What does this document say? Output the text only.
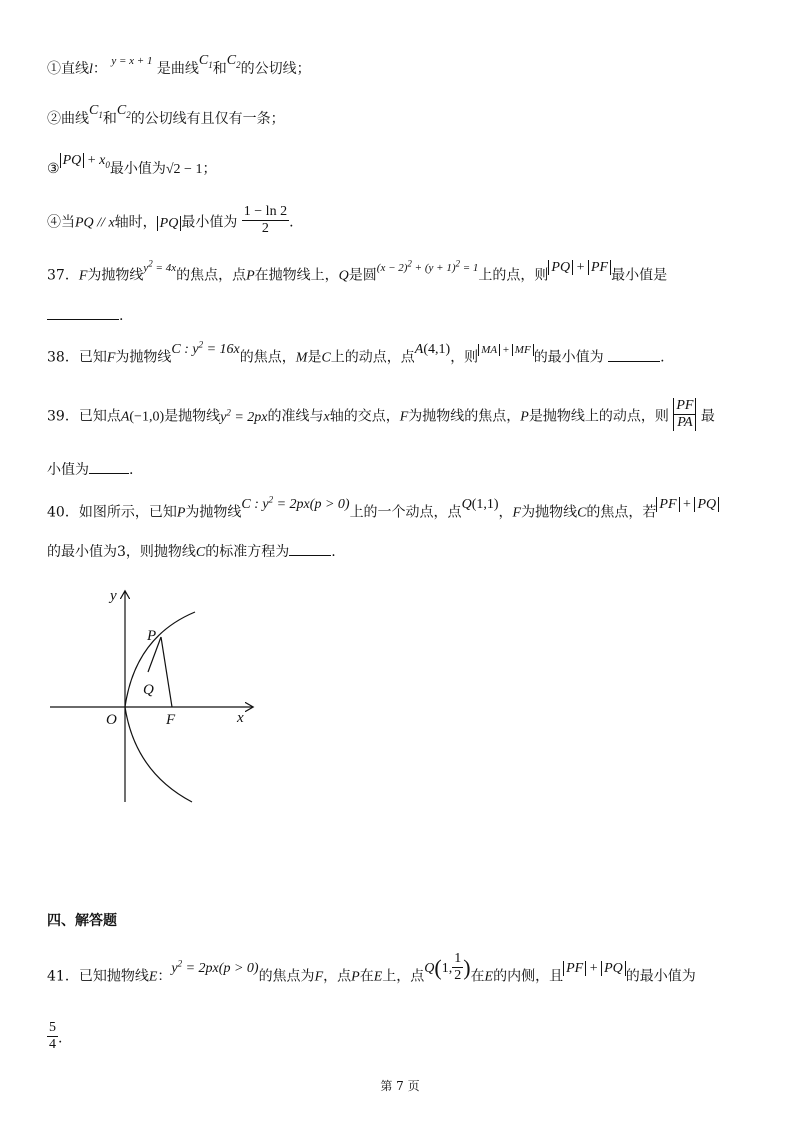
①直线l： $^{y = x + 1}$ 是曲线$C_1$和$C_2$的公切线；
②曲线$C_1$和$C_2$的公切线有且仅有一条；
③PQ + $x_0$最小值为√2 − 1；
④当PQ // x轴时， PQ 最小值为 $\frac{1 - \ln 2}{2}$ .
37．F为抛物线$^{y^2 = 4x}$的焦点，点P在抛物线上，Q是圆$^{(x - 2)^2 + (y + 1)^2 = 1}$上的点，则PQ + PF最小值是
.
38．已知F为抛物线C : $y^2 = 16x$的焦点，M是C上的动点，点A(4,1)，则 $^{MA + MF}$ 的最小值为	.
39．已知点A(−1,0)是抛物线$y^2 = 2px$的准线与x轴的交点，F为抛物线的焦点，P是抛物线上的动点，则 $\frac{PF}{PA}$ 最
小值为	.
40．如图所示，已知P为抛物线C : $y^2 = 2px(p > 0)$上的一个动点，点Q(1,1)，F为抛物线C的焦点，若PF + PQ
的最小值为3，则抛物线C的标准方程为	.
y
x
O
P
Q
F
四、解答题
41．已知抛物线E：$y^2 = 2px(p > 0)$的焦点为F，点P在E上，点Q(1, $\frac{1}{2}$ )在E的内侧，且PF + PQ的最小值为
$\frac{5}{4}$ .
第 7 页
